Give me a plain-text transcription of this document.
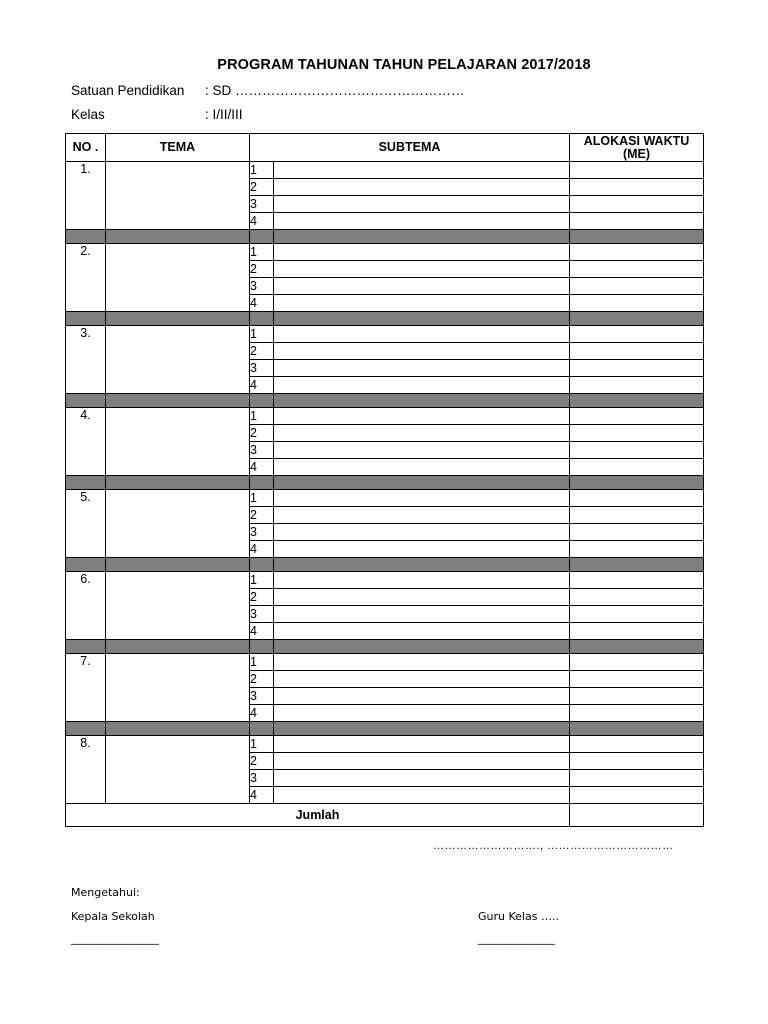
PROGRAM TAHUNAN TAHUN PELAJARAN 2017/2018
Satuan Pendidikan : SD ……………………………………………
Kelas	: I/II/III
NO .	TEMA	SUBTEMA		ALOKASI WAKTU (ME)
1.		1		
		2		
		3		
		4		

2.		1		
		2		
		3		
		4		

3.		1		
		2		
		3		
		4		

4.		1		
		2		
		3		
		4		

5.		1		
		2		
		3		
		4		

6.		1		
		2		
		3		
		4		

7.		1		
		2		
		3		
		4		

8.		1		
		2		
		3		
		4		
Jumlah				
………………………., ……………………………
Mengetahui:
Kepala Sekolah	Guru Kelas …..
________________	______________
